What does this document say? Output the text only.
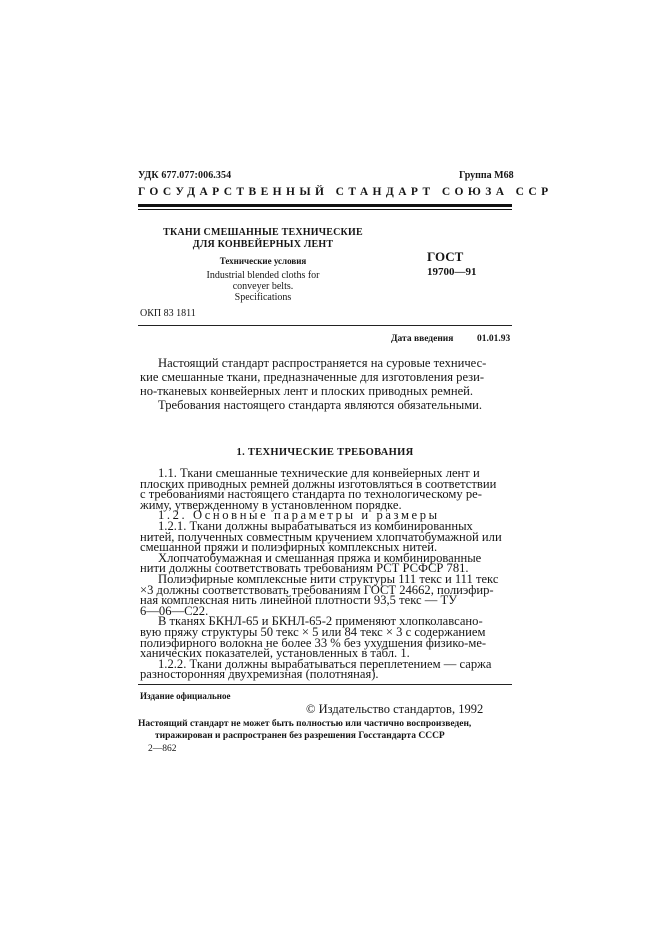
УДК 677.077:006.354	Группа М68
ГОСУДАРСТВЕННЫЙ СТАНДАРТ СОЮЗА ССР
ТКАНИ СМЕШАННЫЕ ТЕХНИЧЕСКИЕ
ДЛЯ КОНВЕЙЕРНЫХ ЛЕНТ
Технические условия
Industrial blended cloths for
conveyer belts.
Specifications
ГОСТ
19700—91
ОКП 83 1811
Дата введения 01.01.93
Настоящий стандарт распространяется на суровые техничес-
кие смешанные ткани, предназначенные для изготовления рези-
но-тканевых конвейерных лент и плоских приводных ремней.
Требования настоящего стандарта являются обязательными.
1. ТЕХНИЧЕСКИЕ ТРЕБОВАНИЯ
1.1. Ткани смешанные технические для конвейерных лент и
плоских приводных ремней должны изготовляться в соответствии
с требованиями настоящего стандарта по технологическому ре-
жиму, утвержденному в установленном порядке.
1.2. Основные параметры и размеры
1.2.1. Ткани должны вырабатываться из комбинированных
нитей, полученных совместным кручением хлопчатобумажной или
смешанной пряжи и полиэфирных комплексных нитей.
Хлопчатобумажная и смешанная пряжа и комбинированные
нити должны соответствовать требованиям РСТ РСФСР 781.
Полиэфирные комплексные нити структуры 111 текс и 111 текс
×3 должны соответствовать требованиям ГОСТ 24662, полиэфир-
ная комплексная нить линейной плотности 93,5 текс — ТУ
6—06—С22.
В тканях БКНЛ-65 и БКНЛ-65-2 применяют хлопколавсано-
вую пряжу структуры 50 текс × 5 или 84 текс × 3 с содержанием
полиэфирного волокна не более 33 % без ухудшения физико-ме-
ханических показателей, установленных в табл. 1.
1.2.2. Ткани должны вырабатываться переплетением — саржа
разносторонняя двухремизная (полотняная).
Издание официальное
© Издательство стандартов, 1992
Настоящий стандарт не может быть полностью или частично воспроизведен,
тиражирован и распространен без разрешения Госстандарта СССР
2—862
